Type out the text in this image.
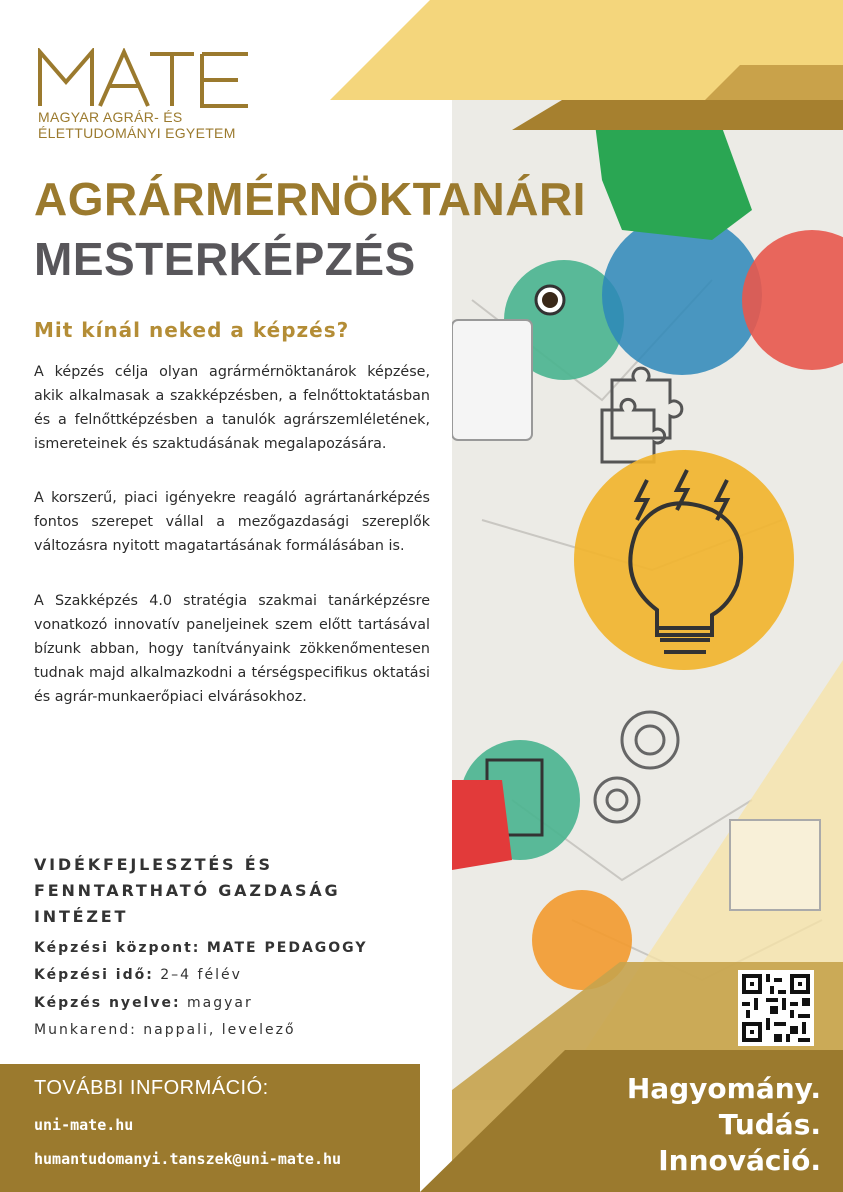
MAGYAR AGRÁR- ÉS
ÉLETTUDOMÁNYI EGYETEM
AGRÁRMÉRNÖKTANÁRI
MESTERKÉPZÉS
Mit kínál neked a képzés?

A képzés célja olyan agrármérnöktanárok képzése, akik alkalmasak a szakképzésben, a felnőttoktatásban és a felnőttképzésben a tanulók agrárszemléletének, ismereteinek és szaktudásának megalapozására.

A korszerű, piaci igényekre reagáló agrártanárképzés fontos szerepet vállal a mezőgazdasági szereplők változásra nyitott magatartásának formálásában is.

A Szakképzés 4.0 stratégia szakmai tanárképzésre vonatkozó innovatív paneljeinek szem előtt tartásával bízunk abban, hogy tanítványaink zökkenőmentesen tudnak majd alkalmazkodni a térségspecifikus oktatási és agrár-munkaerőpiaci elvárásokhoz.

VIDÉKFEJLESZTÉS ÉS FENNTARTHATÓ GAZDASÁG INTÉZET
Képzési központ: MATE PEDAGOGY
Képzési idő: 2–4 félév
Képzés nyelve: magyar
Munkarend: nappali, levelező
TOVÁBBI INFORMÁCIÓ:
uni-mate.hu
humantudomanyi.tanszek@uni-mate.hu
Hagyomány.
Tudás.
Innováció.
